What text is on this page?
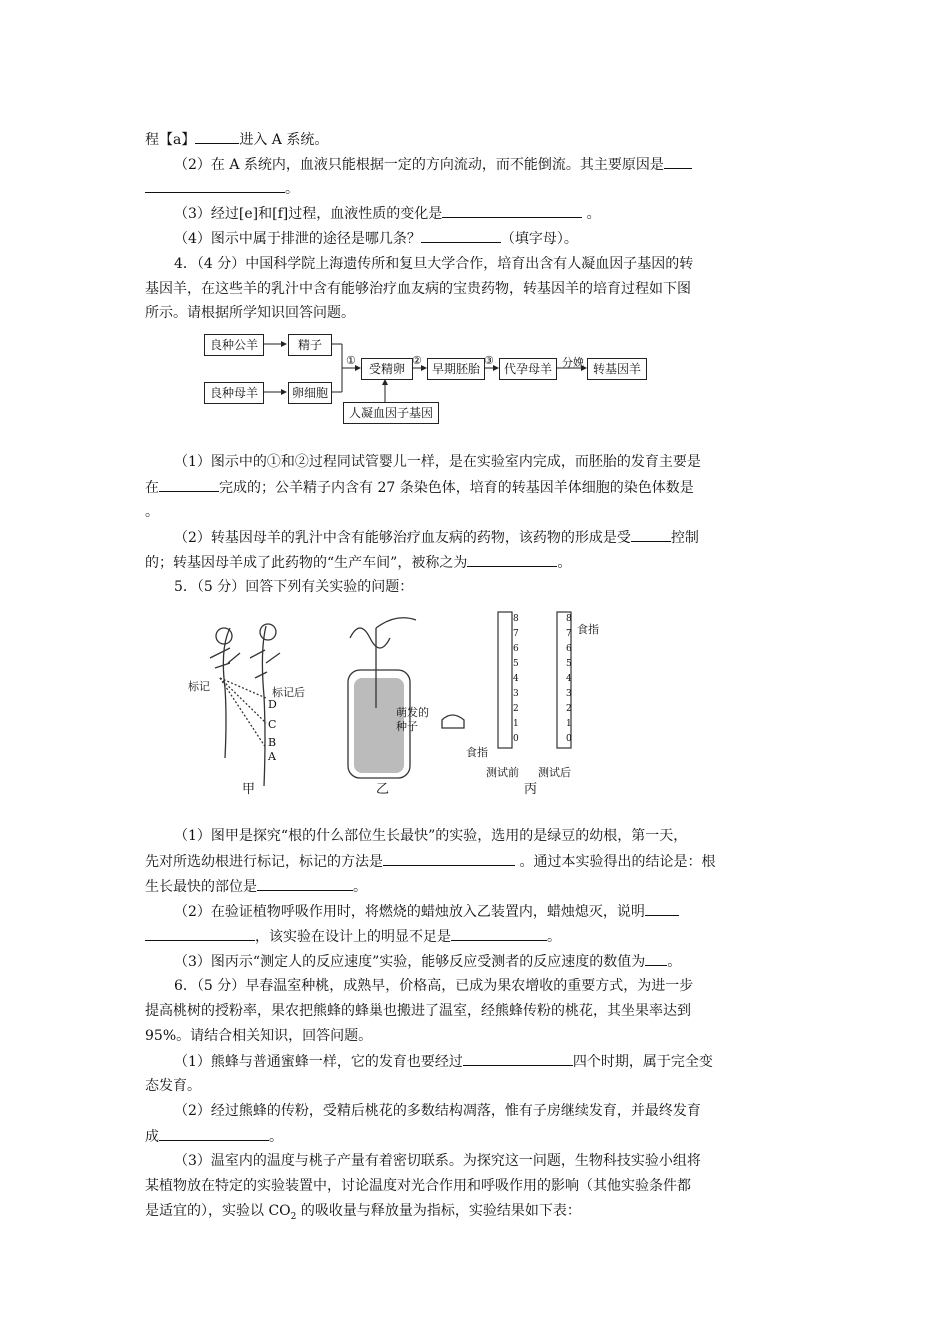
程【a】	进入 A 系统。
（2）在 A 系统内，血液只能根据一定的方向流动，而不能倒流。其主要原因是
。
（3）经过[e]和[f]过程，血液性质的变化是	。
（4）图示中属于排泄的途径是哪几条？	（填字母）。
4．（4 分）中国科学院上海遗传所和复旦大学合作，培育出含有人凝血因子基因的转
基因羊，在这些羊的乳汁中含有能够治疗血友病的宝贵药物，转基因羊的培育过程如下图
所示。请根据所学知识回答问题。
良种公羊	精子
良种母羊	卵细胞
受精卵	早期胚胎	代孕母羊	转基因羊
人凝血因子基因
①	②	③	分娩
（1）图示中的①和②过程同试管婴儿一样，是在实验室内完成，而胚胎的发育主要是
在	完成的；公羊精子内含有 27 条染色体，培育的转基因羊体细胞的染色体数是
。
（2）转基因母羊的乳汁中含有能够治疗血友病的药物，该药物的形成是受	控制
的；转基因母羊成了此药物的“生产车间”，被称之为	。
5．（5 分）回答下列有关实验的问题：
标记	标记后
D
C
B
A
甲	乙	丙
萌发的种子
食指
食指
测试前 测试后
8	8
7	7
6	6
5	5
4	4
3	3
2	2
1	1
0	0
（1）图甲是探究“根的什么部位生长最快”的实验，选用的是绿豆的幼根，第一天，
先对所选幼根进行标记，标记的方法是	。通过本实验得出的结论是：根
生长最快的部位是	。
（2）在验证植物呼吸作用时，将燃烧的蜡烛放入乙装置内，蜡烛熄灭，说明
，该实验在设计上的明显不足是	。
（3）图丙示“测定人的反应速度”实验，能够反应受测者的反应速度的数值为 。
6．（5 分）早春温室种桃，成熟早，价格高，已成为果农增收的重要方式，为进一步
提高桃树的授粉率，果农把熊蜂的蜂巢也搬进了温室，经熊蜂传粉的桃花，其坐果率达到
95%。请结合相关知识，回答问题。
（1）熊蜂与普通蜜蜂一样，它的发育也要经过	四个时期，属于完全变
态发育。
（2）经过熊蜂的传粉，受精后桃花的多数结构凋落，惟有子房继续发育，并最终发育
成	。
（3）温室内的温度与桃子产量有着密切联系。为探究这一问题，生物科技实验小组将
某植物放在特定的实验装置中，讨论温度对光合作用和呼吸作用的影响（其他实验条件都
是适宜的），实验以 $CO_2$ 的吸收量与释放量为指标，实验结果如下表：
